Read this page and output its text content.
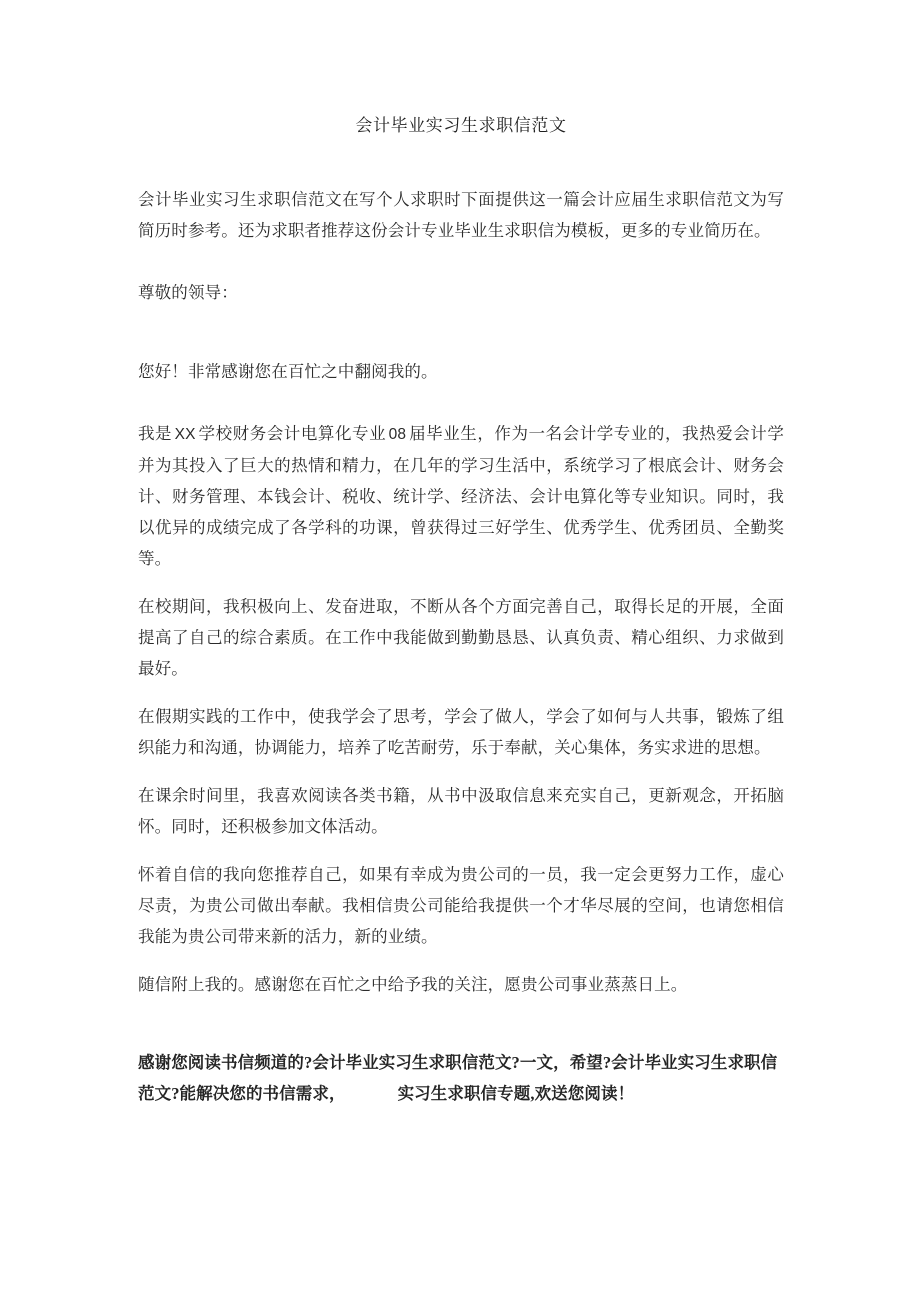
会计毕业实习生求职信范文

会计毕业实习生求职信范文在写个人求职时下面提供这一篇会计应届生求职信范文为写简历时参考。还为求职者推荐这份会计专业毕业生求职信为模板，更多的专业简历在。

尊敬的领导：

您好！非常感谢您在百忙之中翻阅我的。

我是 XX 学校财务会计电算化专业 08 届毕业生，作为一名会计学专业的，我热爱会计学并为其投入了巨大的热情和精力，在几年的学习生活中，系统学习了根底会计、财务会计、财务管理、本钱会计、税收、统计学、经济法、会计电算化等专业知识。同时，我以优异的成绩完成了各学科的功课，曾获得过三好学生、优秀学生、优秀团员、全勤奖等。

在校期间，我积极向上、发奋进取，不断从各个方面完善自己，取得长足的开展，全面提高了自己的综合素质。在工作中我能做到勤勤恳恳、认真负责、精心组织、力求做到最好。

在假期实践的工作中，使我学会了思考，学会了做人，学会了如何与人共事，锻炼了组织能力和沟通，协调能力，培养了吃苦耐劳，乐于奉献，关心集体，务实求进的思想。

在课余时间里，我喜欢阅读各类书籍，从书中汲取信息来充实自己，更新观念，开拓脑怀。同时，还积极参加文体活动。

怀着自信的我向您推荐自己，如果有幸成为贵公司的一员，我一定会更努力工作，虚心尽责，为贵公司做出奉献。我相信贵公司能给我提供一个才华尽展的空间，也请您相信我能为贵公司带来新的活力，新的业绩。

随信附上我的。感谢您在百忙之中给予我的关注，愿贵公司事业蒸蒸日上。

感谢您阅读书信频道的?会计毕业实习生求职信范文?一文，希望?会计毕业实习生求职信范文?能解决您的书信需求，	实习生求职信专题,欢送您阅读！
